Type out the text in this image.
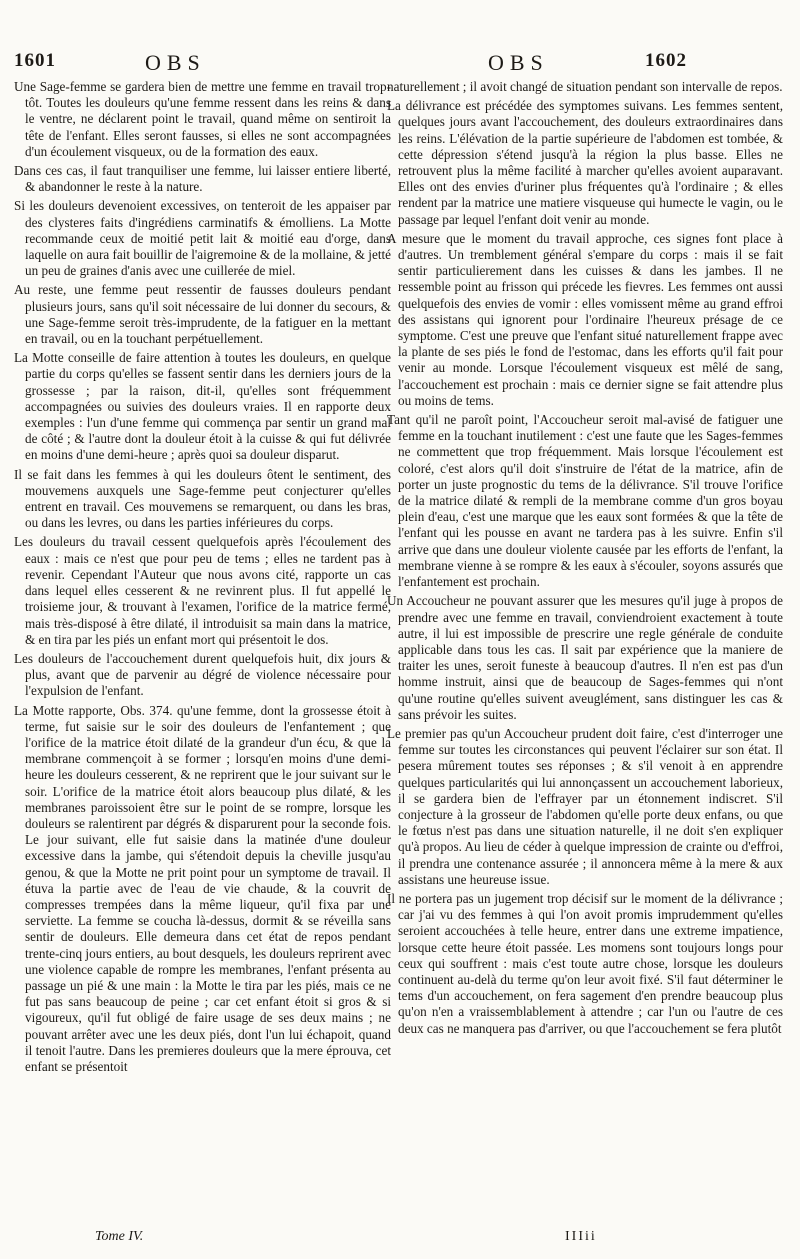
1601	OBS	OBS	1602

Une Sage-femme se gardera bien de mettre une femme en travail trop-tôt. Toutes les douleurs qu'une femme ressent dans les reins & dans le ventre, ne déclarent point le travail, quand même on sentiroit la tête de l'enfant. Elles seront fausses, si elles ne sont accompagnées d'un écoulement visqueux, ou de la formation des eaux.

Dans ces cas, il faut tranquiliser une femme, lui laisser entiere liberté, & abandonner le reste à la nature.

Si les douleurs devenoient excessives, on tenteroit de les appaiser par des clysteres faits d'ingrédiens carminatifs & émolliens. La Motte recommande ceux de moitié petit lait & moitié eau d'orge, dans laquelle on aura fait bouillir de l'aigremoine & de la mollaine, & jetté un peu de graines d'anis avec une cuillerée de miel.

Au reste, une femme peut ressentir de fausses douleurs pendant plusieurs jours, sans qu'il soit nécessaire de lui donner du secours, & une Sage-femme seroit très-imprudente, de la fatiguer en la mettant en travail, ou en la touchant perpétuellement.

La Motte conseille de faire attention à toutes les douleurs, en quelque partie du corps qu'elles se fassent sentir dans les derniers jours de la grossesse ; par la raison, dit-il, qu'elles sont fréquemment accompagnées ou suivies des douleurs vraies. Il en rapporte deux exemples : l'un d'une femme qui commença par sentir un grand mal de côté ; & l'autre dont la douleur étoit à la cuisse & qui fut délivrée en moins d'une demi-heure ; après quoi sa douleur disparut.

Il se fait dans les femmes à qui les douleurs ôtent le sentiment, des mouvemens auxquels une Sage-femme peut conjecturer qu'elles entrent en travail. Ces mouvemens se remarquent, ou dans les bras, ou dans les levres, ou dans les parties inférieures du corps.

Les douleurs du travail cessent quelquefois après l'écoulement des eaux : mais ce n'est que pour peu de tems ; elles ne tardent pas à revenir. Cependant l'Auteur que nous avons cité, rapporte un cas dans lequel elles cesserent & ne revinrent plus. Il fut appellé le troisieme jour, & trouvant à l'examen, l'orifice de la matrice fermé, mais très-disposé à être dilaté, il introduisit sa main dans la matrice, & en tira par les piés un enfant mort qui présentoit le dos.

Les douleurs de l'accouchement durent quelquefois huit, dix jours & plus, avant que de parvenir au dégré de violence nécessaire pour l'expulsion de l'enfant.

La Motte rapporte, Obs. 374. qu'une femme, dont la grossesse étoit à terme, fut saisie sur le soir des douleurs de l'enfantement ; que l'orifice de la matrice étoit dilaté de la grandeur d'un écu, & que la membrane commençoit à se former ; lorsqu'en moins d'une demi-heure les douleurs cesserent, & ne reprirent que le jour suivant sur le soir. L'orifice de la matrice étoit alors beaucoup plus dilaté, & les membranes paroissoient être sur le point de se rompre, lorsque les douleurs se ralentirent par dégrés & disparurent pour la seconde fois. Le jour suivant, elle fut saisie dans la matinée d'une douleur excessive dans la jambe, qui s'étendoit depuis la cheville jusqu'au genou, & que la Motte ne prit point pour un symptome de travail. Il étuva la partie avec de l'eau de vie chaude, & la couvrit de compresses trempées dans la même liqueur, qu'il fixa par une serviette. La femme se coucha là-dessus, dormit & se réveilla sans sentir de douleurs. Elle demeura dans cet état de repos pendant trente-cinq jours entiers, au bout desquels, les douleurs reprirent avec une violence capable de rompre les membranes, l'enfant présenta au passage un pié & une main : la Motte le tira par les piés, mais ce ne fut pas sans beaucoup de peine ; car cet enfant étoit si gros & si vigoureux, qu'il fut obligé de faire usage de ses deux mains ; ne pouvant arrêter avec une les deux piés, dont l'un lui échapoit, quand il tenoit l'autre. Dans les premieres douleurs que la mere éprouva, cet enfant se présentoit

naturellement ; il avoit changé de situation pendant son intervalle de repos.

La délivrance est précédée des symptomes suivans. Les femmes sentent, quelques jours avant l'accouchement, des douleurs extraordinaires dans les reins. L'élévation de la partie supérieure de l'abdomen est tombée, & cette dépression s'étend jusqu'à la région la plus basse. Elles ne retrouvent plus la même facilité à marcher qu'elles avoient auparavant. Elles ont des envies d'uriner plus fréquentes qu'à l'ordinaire ; & elles rendent par la matrice une matiere visqueuse qui humecte le vagin, ou le passage par lequel l'enfant doit venir au monde.

A mesure que le moment du travail approche, ces signes font place à d'autres. Un tremblement général s'empare du corps : mais il se fait sentir particulierement dans les cuisses & dans les jambes. Il ne ressemble point au frisson qui précede les fievres. Les femmes ont aussi quelquefois des envies de vomir : elles vomissent même au grand effroi des assistans qui ignorent pour l'ordinaire l'heureux présage de ce symptome. C'est une preuve que l'enfant situé naturellement frappe avec la plante de ses piés le fond de l'estomac, dans les efforts qu'il fait pour venir au monde. Lorsque l'écoulement visqueux est mêlé de sang, l'accouchement est prochain : mais ce dernier signe se fait attendre plus ou moins de tems.

Tant qu'il ne paroît point, l'Accoucheur seroit mal-avisé de fatiguer une femme en la touchant inutilement : c'est une faute que les Sages-femmes ne commettent que trop fréquemment. Mais lorsque l'écoulement est coloré, c'est alors qu'il doit s'instruire de l'état de la matrice, afin de porter un juste prognostic du tems de la délivrance. S'il trouve l'orifice de la matrice dilaté & rempli de la membrane comme d'un gros boyau plein d'eau, c'est une marque que les eaux sont formées & que la tête de l'enfant qui les pousse en avant ne tardera pas à les suivre. Enfin s'il arrive que dans une douleur violente causée par les efforts de l'enfant, la membrane vienne à se rompre & les eaux à s'écouler, soyons assurés que l'enfantement est prochain.

Un Accoucheur ne pouvant assurer que les mesures qu'il juge à propos de prendre avec une femme en travail, conviendroient exactement à toute autre, il lui est impossible de prescrire une regle générale de conduite applicable dans tous les cas. Il sait par expérience que la maniere de traiter les unes, seroit funeste à beaucoup d'autres. Il n'en est pas d'un homme instruit, ainsi que de beaucoup de Sages-femmes qui n'ont qu'une routine qu'elles suivent aveuglément, sans distinguer les cas & sans prévoir les suites.

Le premier pas qu'un Accoucheur prudent doit faire, c'est d'interroger une femme sur toutes les circonstances qui peuvent l'éclairer sur son état. Il pesera mûrement toutes ses réponses ; & s'il venoit à en apprendre quelques particularités qui lui annonçassent un accouchement laborieux, il se gardera bien de l'effrayer par un étonnement indiscret. S'il conjecture à la grosseur de l'abdomen qu'elle porte deux enfans, ou que le fœtus n'est pas dans une situation naturelle, il ne doit s'en expliquer qu'à propos. Au lieu de céder à quelque impression de crainte ou d'effroi, il prendra une contenance assurée ; il annoncera même à la mere & aux assistans une heureuse issue.

Il ne portera pas un jugement trop décisif sur le moment de la délivrance ; car j'ai vu des femmes à qui l'on avoit promis imprudemment qu'elles seroient accouchées à telle heure, entrer dans une extreme impatience, lorsque cette heure étoit passée. Les momens sont toujours longs pour ceux qui souffrent : mais c'est toute autre chose, lorsque les douleurs continuent au-delà du terme qu'on leur avoit fixé. S'il faut déterminer le tems d'un accouchement, on fera sagement d'en prendre beaucoup plus qu'on n'en a vraissemblablement à attendre ; car l'un ou l'autre de ces deux cas ne manquera pas d'arriver, ou que l'accouchement se fera plutôt

Tome IV.	IIIii
